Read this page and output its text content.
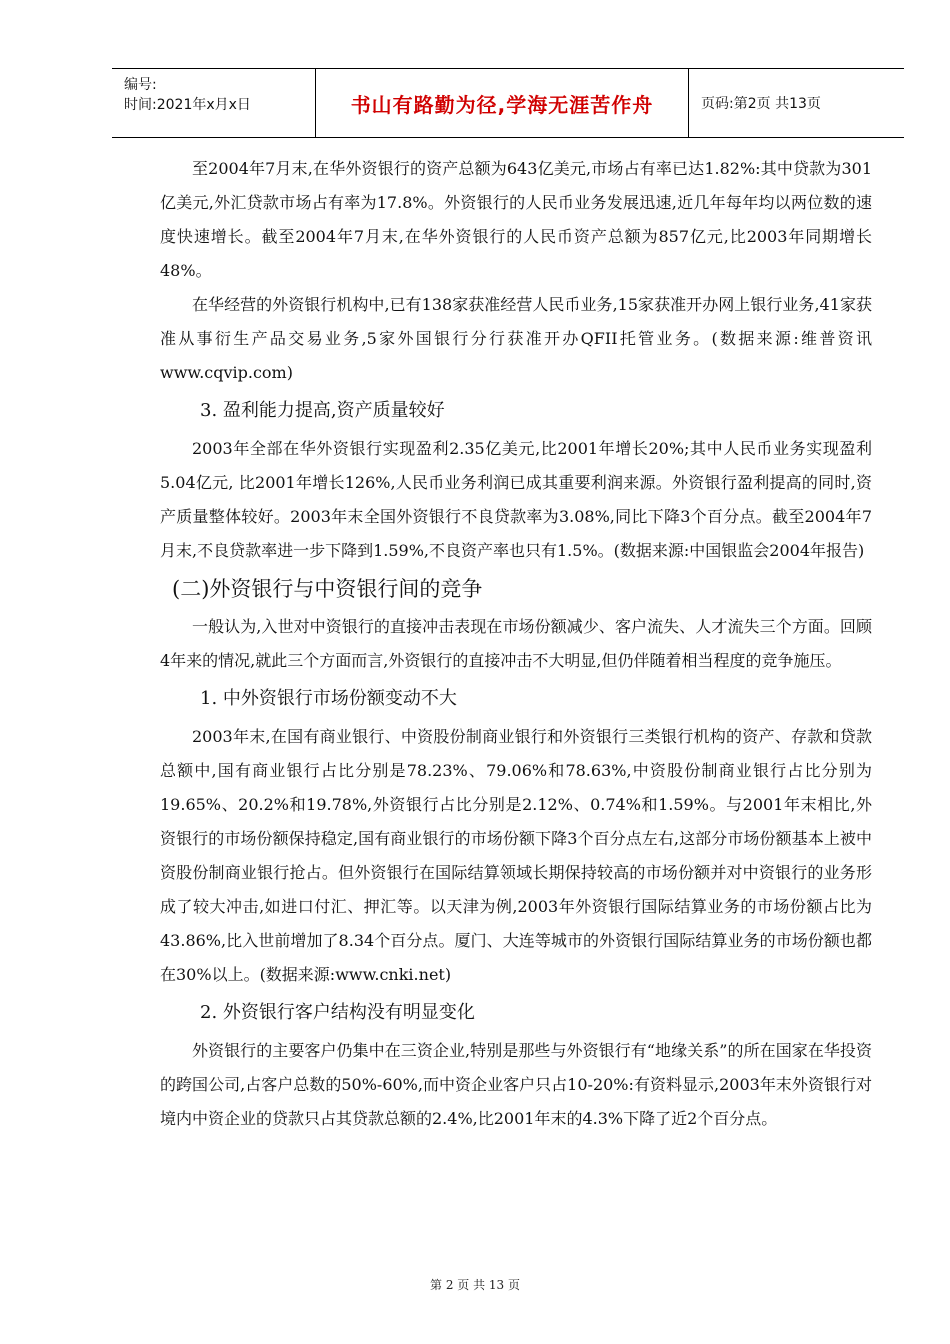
编号:
时间:2021年x月x日	书山有路勤为径,学海无涯苦作舟	页码:第2页 共13页

至2004年7月末,在华外资银行的资产总额为643亿美元,市场占有率已达1.82%:其中贷款为301亿美元,外汇贷款市场占有率为17.8%。外资银行的人民币业务发展迅速,近几年每年均以两位数的速度快速增长。截至2004年7月末,在华外资银行的人民币资产总额为857亿元,比2003年同期增长48%。

在华经营的外资银行机构中,已有138家获准经营人民币业务,15家获准开办网上银行业务,41家获准从事衍生产品交易业务,5家外国银行分行获准开办QFII托管业务。(数据来源:维普资讯www.cqvip.com)

3. 盈利能力提高,资产质量较好

2003年全部在华外资银行实现盈利2.35亿美元,比2001年增长20%;其中人民币业务实现盈利5.04亿元, 比2001年增长126%,人民币业务利润已成其重要利润来源。外资银行盈利提高的同时,资产质量整体较好。2003年末全国外资银行不良贷款率为3.08%,同比下降3个百分点。截至2004年7月末,不良贷款率进一步下降到1.59%,不良资产率也只有1.5%。(数据来源:中国银监会2004年报告)

(二)外资银行与中资银行间的竞争

一般认为,入世对中资银行的直接冲击表现在市场份额减少、客户流失、人才流失三个方面。回顾4年来的情况,就此三个方面而言,外资银行的直接冲击不大明显,但仍伴随着相当程度的竞争施压。

1. 中外资银行市场份额变动不大

2003年末,在国有商业银行、中资股份制商业银行和外资银行三类银行机构的资产、存款和贷款总额中,国有商业银行占比分别是78.23%、79.06%和78.63%,中资股份制商业银行占比分别为19.65%、20.2%和19.78%,外资银行占比分别是2.12%、0.74%和1.59%。与2001年末相比,外资银行的市场份额保持稳定,国有商业银行的市场份额下降3个百分点左右,这部分市场份额基本上被中资股份制商业银行抢占。但外资银行在国际结算领域长期保持较高的市场份额并对中资银行的业务形成了较大冲击,如进口付汇、押汇等。以天津为例,2003年外资银行国际结算业务的市场份额占比为43.86%,比入世前增加了8.34个百分点。厦门、大连等城市的外资银行国际结算业务的市场份额也都在30%以上。(数据来源:www.cnki.net)

2. 外资银行客户结构没有明显变化

外资银行的主要客户仍集中在三资企业,特别是那些与外资银行有“地缘关系”的所在国家在华投资的跨国公司,占客户总数的50%-60%,而中资企业客户只占10-20%:有资料显示,2003年末外资银行对境内中资企业的贷款只占其贷款总额的2.4%,比2001年末的4.3%下降了近2个百分点。

第 2 页 共 13 页
